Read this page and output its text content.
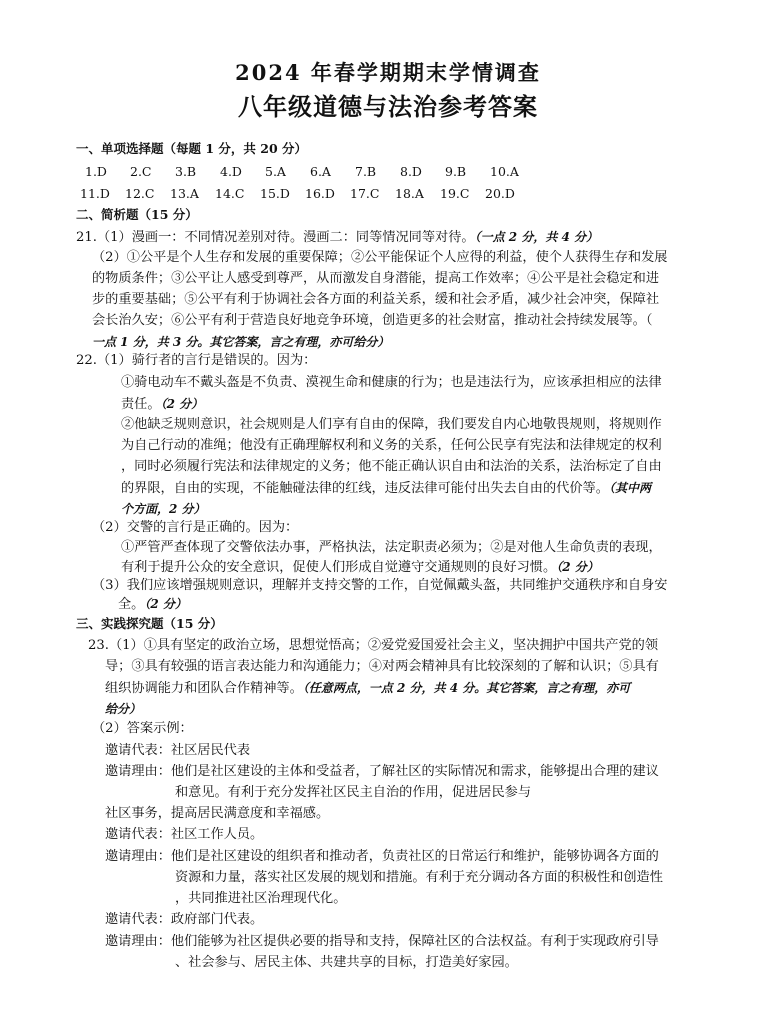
2024 年春学期期末学情调查
八年级道德与法治参考答案
一、单项选择题（每题 1 分，共 20 分）
1.D 2.C 3.B 4.D 5.A 6.A 7.B 8.D 9.B 10.A
11.D 12.C 13.A 14.C 15.D 16.D 17.C 18.A 19.C 20.D
二、简析题（15 分）
21.（1）漫画一：不同情况差别对待。漫画二：同等情况同等对待。（一点 2 分，共 4 分）
（2）①公平是个人生存和发展的重要保障；②公平能保证个人应得的利益，使个人获得生存和发展
的物质条件；③公平让人感受到尊严，从而激发自身潜能，提高工作效率；④公平是社会稳定和进
步的重要基础；⑤公平有利于协调社会各方面的利益关系，缓和社会矛盾，减少社会冲突，保障社
会长治久安；⑥公平有利于营造良好地竞争环境，创造更多的社会财富，推动社会持续发展等。（
一点 1 分，共 3 分。其它答案，言之有理，亦可给分）
22.（1）骑行者的言行是错误的。因为：
①骑电动车不戴头盔是不负责、漠视生命和健康的行为；也是违法行为，应该承担相应的法律
责任。（2 分）
②他缺乏规则意识，社会规则是人们享有自由的保障，我们要发自内心地敬畏规则，将规则作
为自己行动的准绳；他没有正确理解权利和义务的关系，任何公民享有宪法和法律规定的权利
，同时必须履行宪法和法律规定的义务；他不能正确认识自由和法治的关系，法治标定了自由
的界限，自由的实现，不能触碰法律的红线，违反法律可能付出失去自由的代价等。（其中两
个方面，2 分）
（2）交警的言行是正确的。因为：
①严管严查体现了交警依法办事，严格执法，法定职责必须为；②是对他人生命负责的表现，
有利于提升公众的安全意识，促使人们形成自觉遵守交通规则的良好习惯。（2 分）
（3）我们应该增强规则意识，理解并支持交警的工作，自觉佩戴头盔，共同维护交通秩序和自身安
全。（2 分）
三、实践探究题（15 分）
23.（1）①具有坚定的政治立场，思想觉悟高；②爱党爱国爱社会主义，坚决拥护中国共产党的领
导；③具有较强的语言表达能力和沟通能力；④对两会精神具有比较深刻的了解和认识；⑤具有
组织协调能力和团队合作精神等。（任意两点，一点 2 分，共 4 分。其它答案，言之有理，亦可
给分）
（2）答案示例：
邀请代表：社区居民代表
邀请理由：他们是社区建设的主体和受益者，了解社区的实际情况和需求，能够提出合理的建议
和意见。有利于充分发挥社区民主自治的作用，促进居民参与
社区事务，提高居民满意度和幸福感。
邀请代表：社区工作人员。
邀请理由：他们是社区建设的组织者和推动者，负责社区的日常运行和维护，能够协调各方面的
资源和力量，落实社区发展的规划和措施。有利于充分调动各方面的积极性和创造性
，共同推进社区治理现代化。
邀请代表：政府部门代表。
邀请理由：他们能够为社区提供必要的指导和支持，保障社区的合法权益。有利于实现政府引导
、社会参与、居民主体、共建共享的目标，打造美好家园。
